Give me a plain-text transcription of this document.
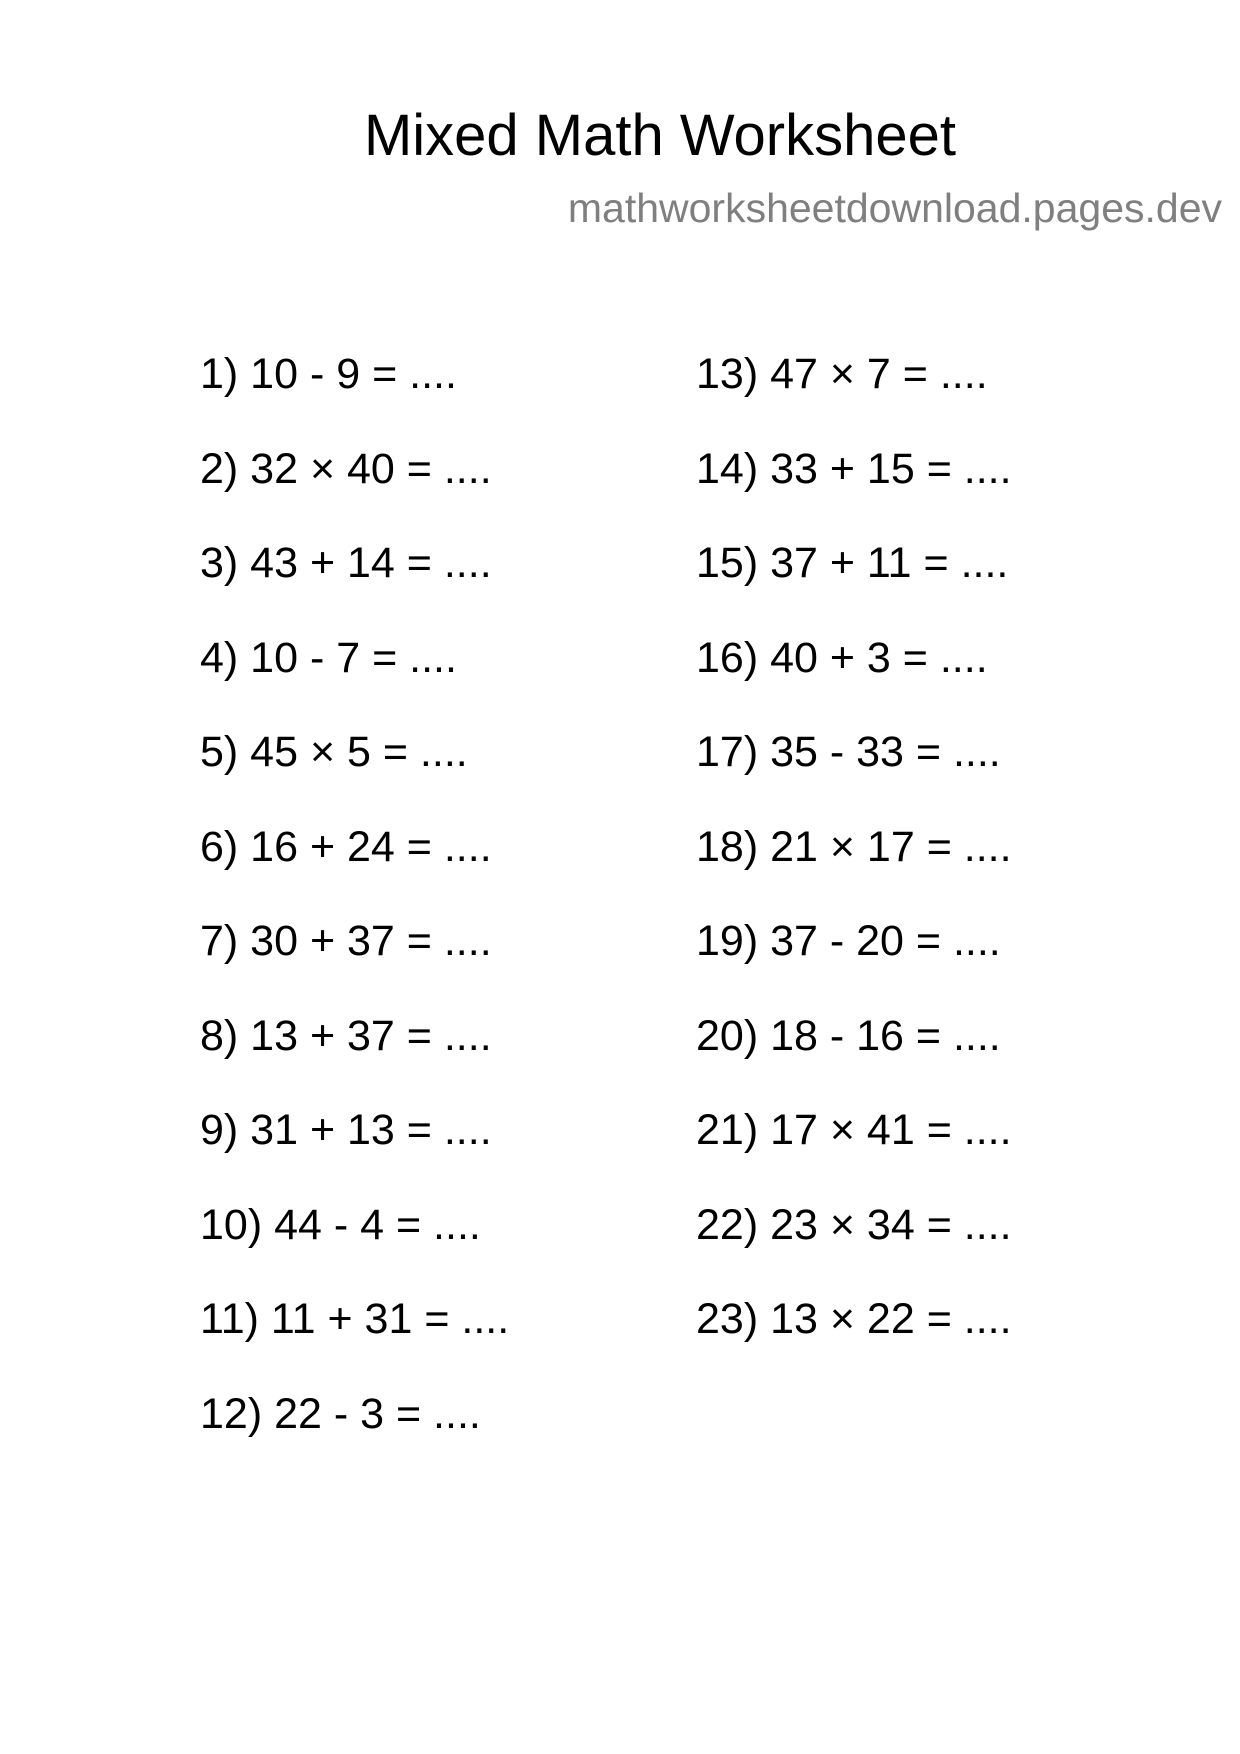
Mixed Math Worksheet
mathworksheetdownload.pages.dev
1) 10 - 9 = ....
2) 32 × 40 = ....
3) 43 + 14 = ....
4) 10 - 7 = ....
5) 45 × 5 = ....
6) 16 + 24 = ....
7) 30 + 37 = ....
8) 13 + 37 = ....
9) 31 + 13 = ....
10) 44 - 4 = ....
11) 11 + 31 = ....
12) 22 - 3 = ....
13) 47 × 7 = ....
14) 33 + 15 = ....
15) 37 + 11 = ....
16) 40 + 3 = ....
17) 35 - 33 = ....
18) 21 × 17 = ....
19) 37 - 20 = ....
20) 18 - 16 = ....
21) 17 × 41 = ....
22) 23 × 34 = ....
23) 13 × 22 = ....
